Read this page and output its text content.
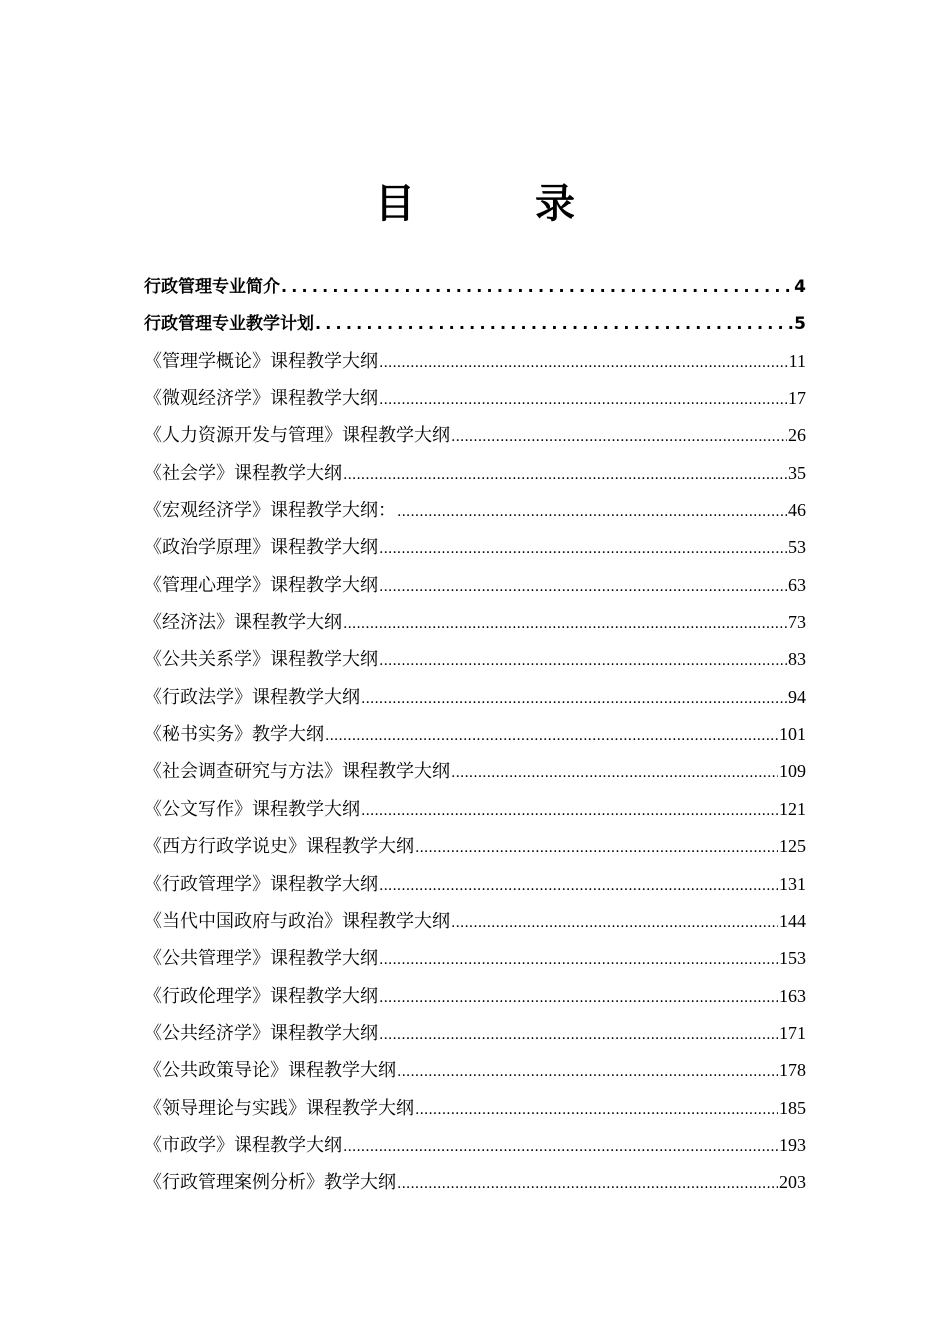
目　录
行政管理专业简介 .....	4
行政管理专业教学计划 .....	5
《管理学概论》课程教学大纲 .....	11
《微观经济学》课程教学大纲 .....	17
《人力资源开发与管理》课程教学大纲 .....	26
《社会学》课程教学大纲 .....	35
《宏观经济学》课程教学大纲： .....	46
《政治学原理》课程教学大纲 .....	53
《管理心理学》课程教学大纲 .....	63
《经济法》课程教学大纲 .....	73
《公共关系学》课程教学大纲 .....	83
《行政法学》课程教学大纲 .....	94
《秘书实务》教学大纲 .....	101
《社会调查研究与方法》课程教学大纲 .....	109
《公文写作》课程教学大纲 .....	121
《西方行政学说史》课程教学大纲 .....	125
《行政管理学》课程教学大纲 .....	131
《当代中国政府与政治》课程教学大纲 .....	144
《公共管理学》课程教学大纲 .....	153
《行政伦理学》课程教学大纲 .....	163
《公共经济学》课程教学大纲 .....	171
《公共政策导论》课程教学大纲 .....	178
《领导理论与实践》课程教学大纲 .....	185
《市政学》课程教学大纲 .....	193
《行政管理案例分析》教学大纲 .....	203
